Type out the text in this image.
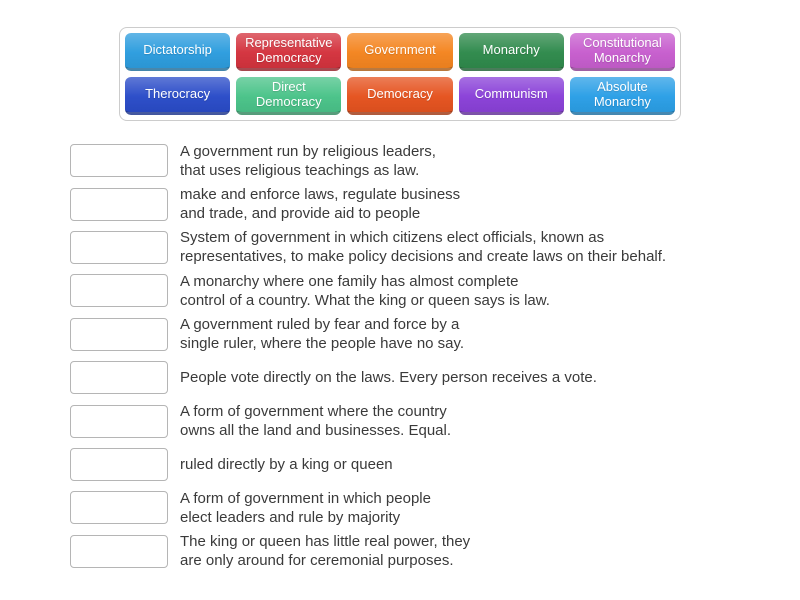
Dictatorship	Representative Democracy	Government	Monarchy	Constitutional Monarchy
Therocracy	Direct Democracy	Democracy	Communism	Absolute Monarchy
A government run by religious leaders,
that uses religious teachings as law.
make and enforce laws, regulate business
and trade, and provide aid to people
System of government in which citizens elect officials, known as
representatives, to make policy decisions and create laws on their behalf.
A monarchy where one family has almost complete
control of a country. What the king or queen says is law.
A government ruled by fear and force by a
single ruler, where the people have no say.
People vote directly on the laws. Every person receives a vote.
A form of government where the country
owns all the land and businesses. Equal.
ruled directly by a king or queen
A form of government in which people
elect leaders and rule by majority
The king or queen has little real power, they
are only around for ceremonial purposes.
